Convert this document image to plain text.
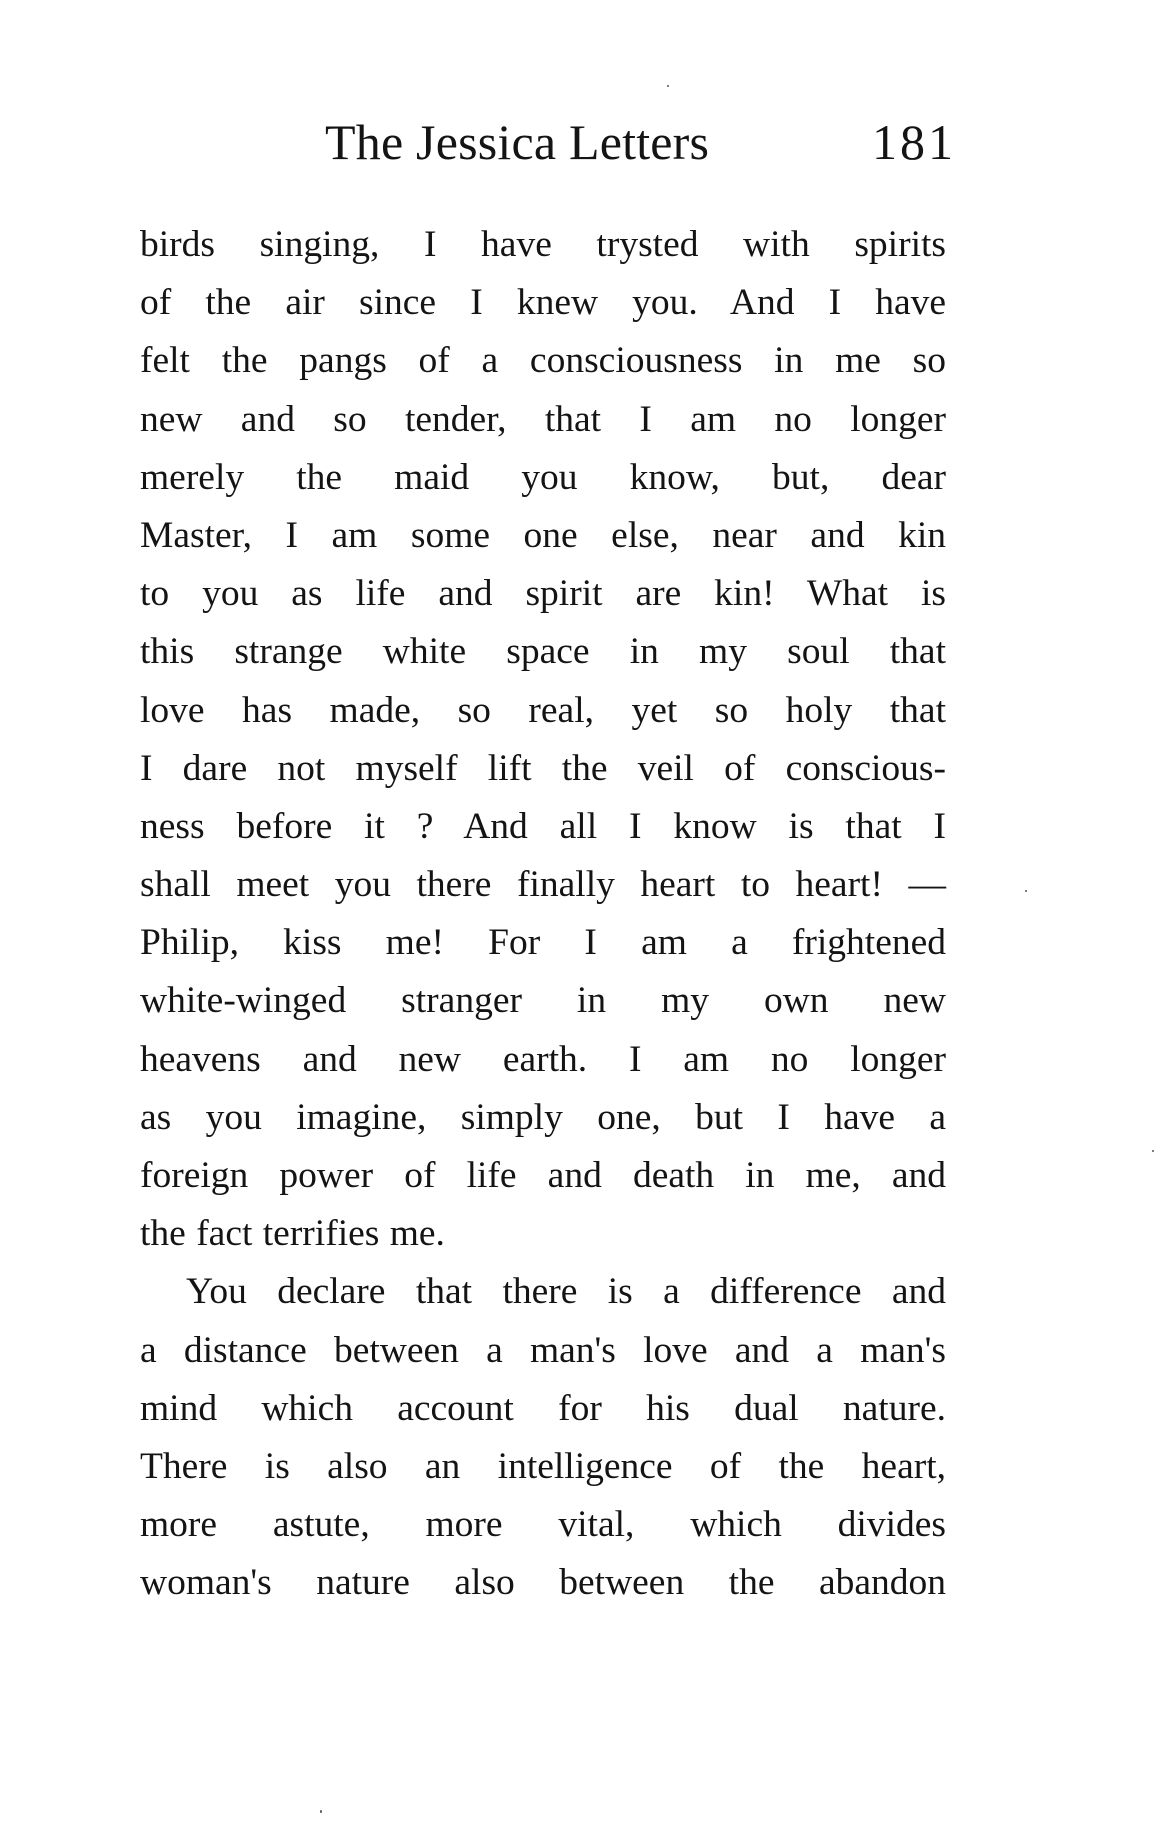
The Jessica Letters	181
birds singing, I have trysted with spirits
of the air since I knew you. And I have
felt the pangs of a consciousness in me so
new and so tender, that I am no longer
merely the maid you know, but, dear
Master, I am some one else, near and kin
to you as life and spirit are kin! What is
this strange white space in my soul that
love has made, so real, yet so holy that
I dare not myself lift the veil of conscious-
ness before it ? And all I know is that I
shall meet you there finally heart to heart! —
Philip, kiss me! For I am a frightened
white-winged stranger in my own new
heavens and new earth. I am no longer
as you imagine, simply one, but I have a
foreign power of life and death in me, and
the fact terrifies me.
You declare that there is a difference and
a distance between a man's love and a man's
mind which account for his dual nature.
There is also an intelligence of the heart,
more astute, more vital, which divides
woman's nature also between the abandon
